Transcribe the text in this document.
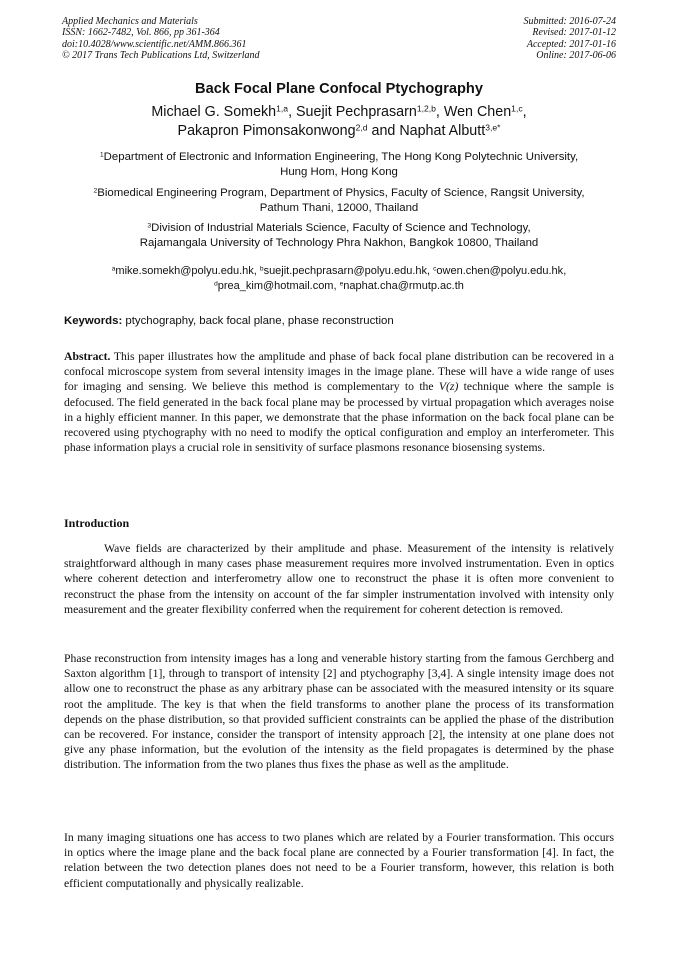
Applied Mechanics and Materials
ISSN: 1662-7482, Vol. 866, pp 361-364
doi:10.4028/www.scientific.net/AMM.866.361
© 2017 Trans Tech Publications Ltd, Switzerland
Submitted: 2016-07-24
Revised: 2017-01-12
Accepted: 2017-01-16
Online: 2017-06-06
Back Focal Plane Confocal Ptychography
Michael G. Somekh$^{1,a}$, Suejit Pechprasarn$^{1,2,b}$, Wen Chen$^{1,c}$,
Pakapron Pimonsakonwong$^{2,d}$ and Naphat Albutt$^{3,e*}$
$^1$Department of Electronic and Information Engineering, The Hong Kong Polytechnic University,
Hung Hom, Hong Kong
$^2$Biomedical Engineering Program, Department of Physics, Faculty of Science, Rangsit University,
Pathum Thani, 12000, Thailand
$^3$Division of Industrial Materials Science, Faculty of Science and Technology,
Rajamangala University of Technology Phra Nakhon, Bangkok 10800, Thailand
$^a$mike.somekh@polyu.edu.hk, $^b$suejit.pechprasarn@polyu.edu.hk, $^c$owen.chen@polyu.edu.hk,
$^d$prea_kim@hotmail.com, $^e$naphat.cha@rmutp.ac.th
Keywords: ptychography, back focal plane, phase reconstruction
Abstract. This paper illustrates how the amplitude and phase of back focal plane distribution can be recovered in a confocal microscope system from several intensity images in the image plane. These will have a wide range of uses for imaging and sensing. We believe this method is complementary to the V(z) technique where the sample is defocused. The field generated in the back focal plane may be processed by virtual propagation which averages noise in a highly efficient manner. In this paper, we demonstrate that the phase information on the back focal plane can be recovered using ptychography with no need to modify the optical configuration and employ an interferometer. This phase information plays a crucial role in sensitivity of surface plasmons resonance biosensing systems.
Introduction
Wave fields are characterized by their amplitude and phase. Measurement of the intensity is relatively straightforward although in many cases phase measurement requires more involved instrumentation. Even in optics where coherent detection and interferometry allow one to reconstruct the phase it is often more convenient to reconstruct the phase from the intensity on account of the far simpler instrumentation involved with intensity only measurement and the greater flexibility conferred when the requirement for coherent detection is removed.
Phase reconstruction from intensity images has a long and venerable history starting from the famous Gerchberg and Saxton algorithm [1], through to transport of intensity [2] and ptychography [3,4]. A single intensity image does not allow one to reconstruct the phase as any arbitrary phase can be associated with the measured intensity or its square root the amplitude. The key is that when the field transforms to another plane the process of its transformation depends on the phase distribution, so that provided sufficient constraints can be applied the phase of the distribution can be recovered. For instance, consider the transport of intensity approach [2], the intensity at one plane does not give any phase information, but the evolution of the intensity as the field propagates is determined by the phase distribution. The information from the two planes thus fixes the phase as well as the amplitude.
In many imaging situations one has access to two planes which are related by a Fourier transformation. This occurs in optics where the image plane and the back focal plane are connected by a Fourier transformation [4]. In fact, the relation between the two detection planes does not need to be a Fourier transform, however, this relation is both efficient computationally and physically realizable.
